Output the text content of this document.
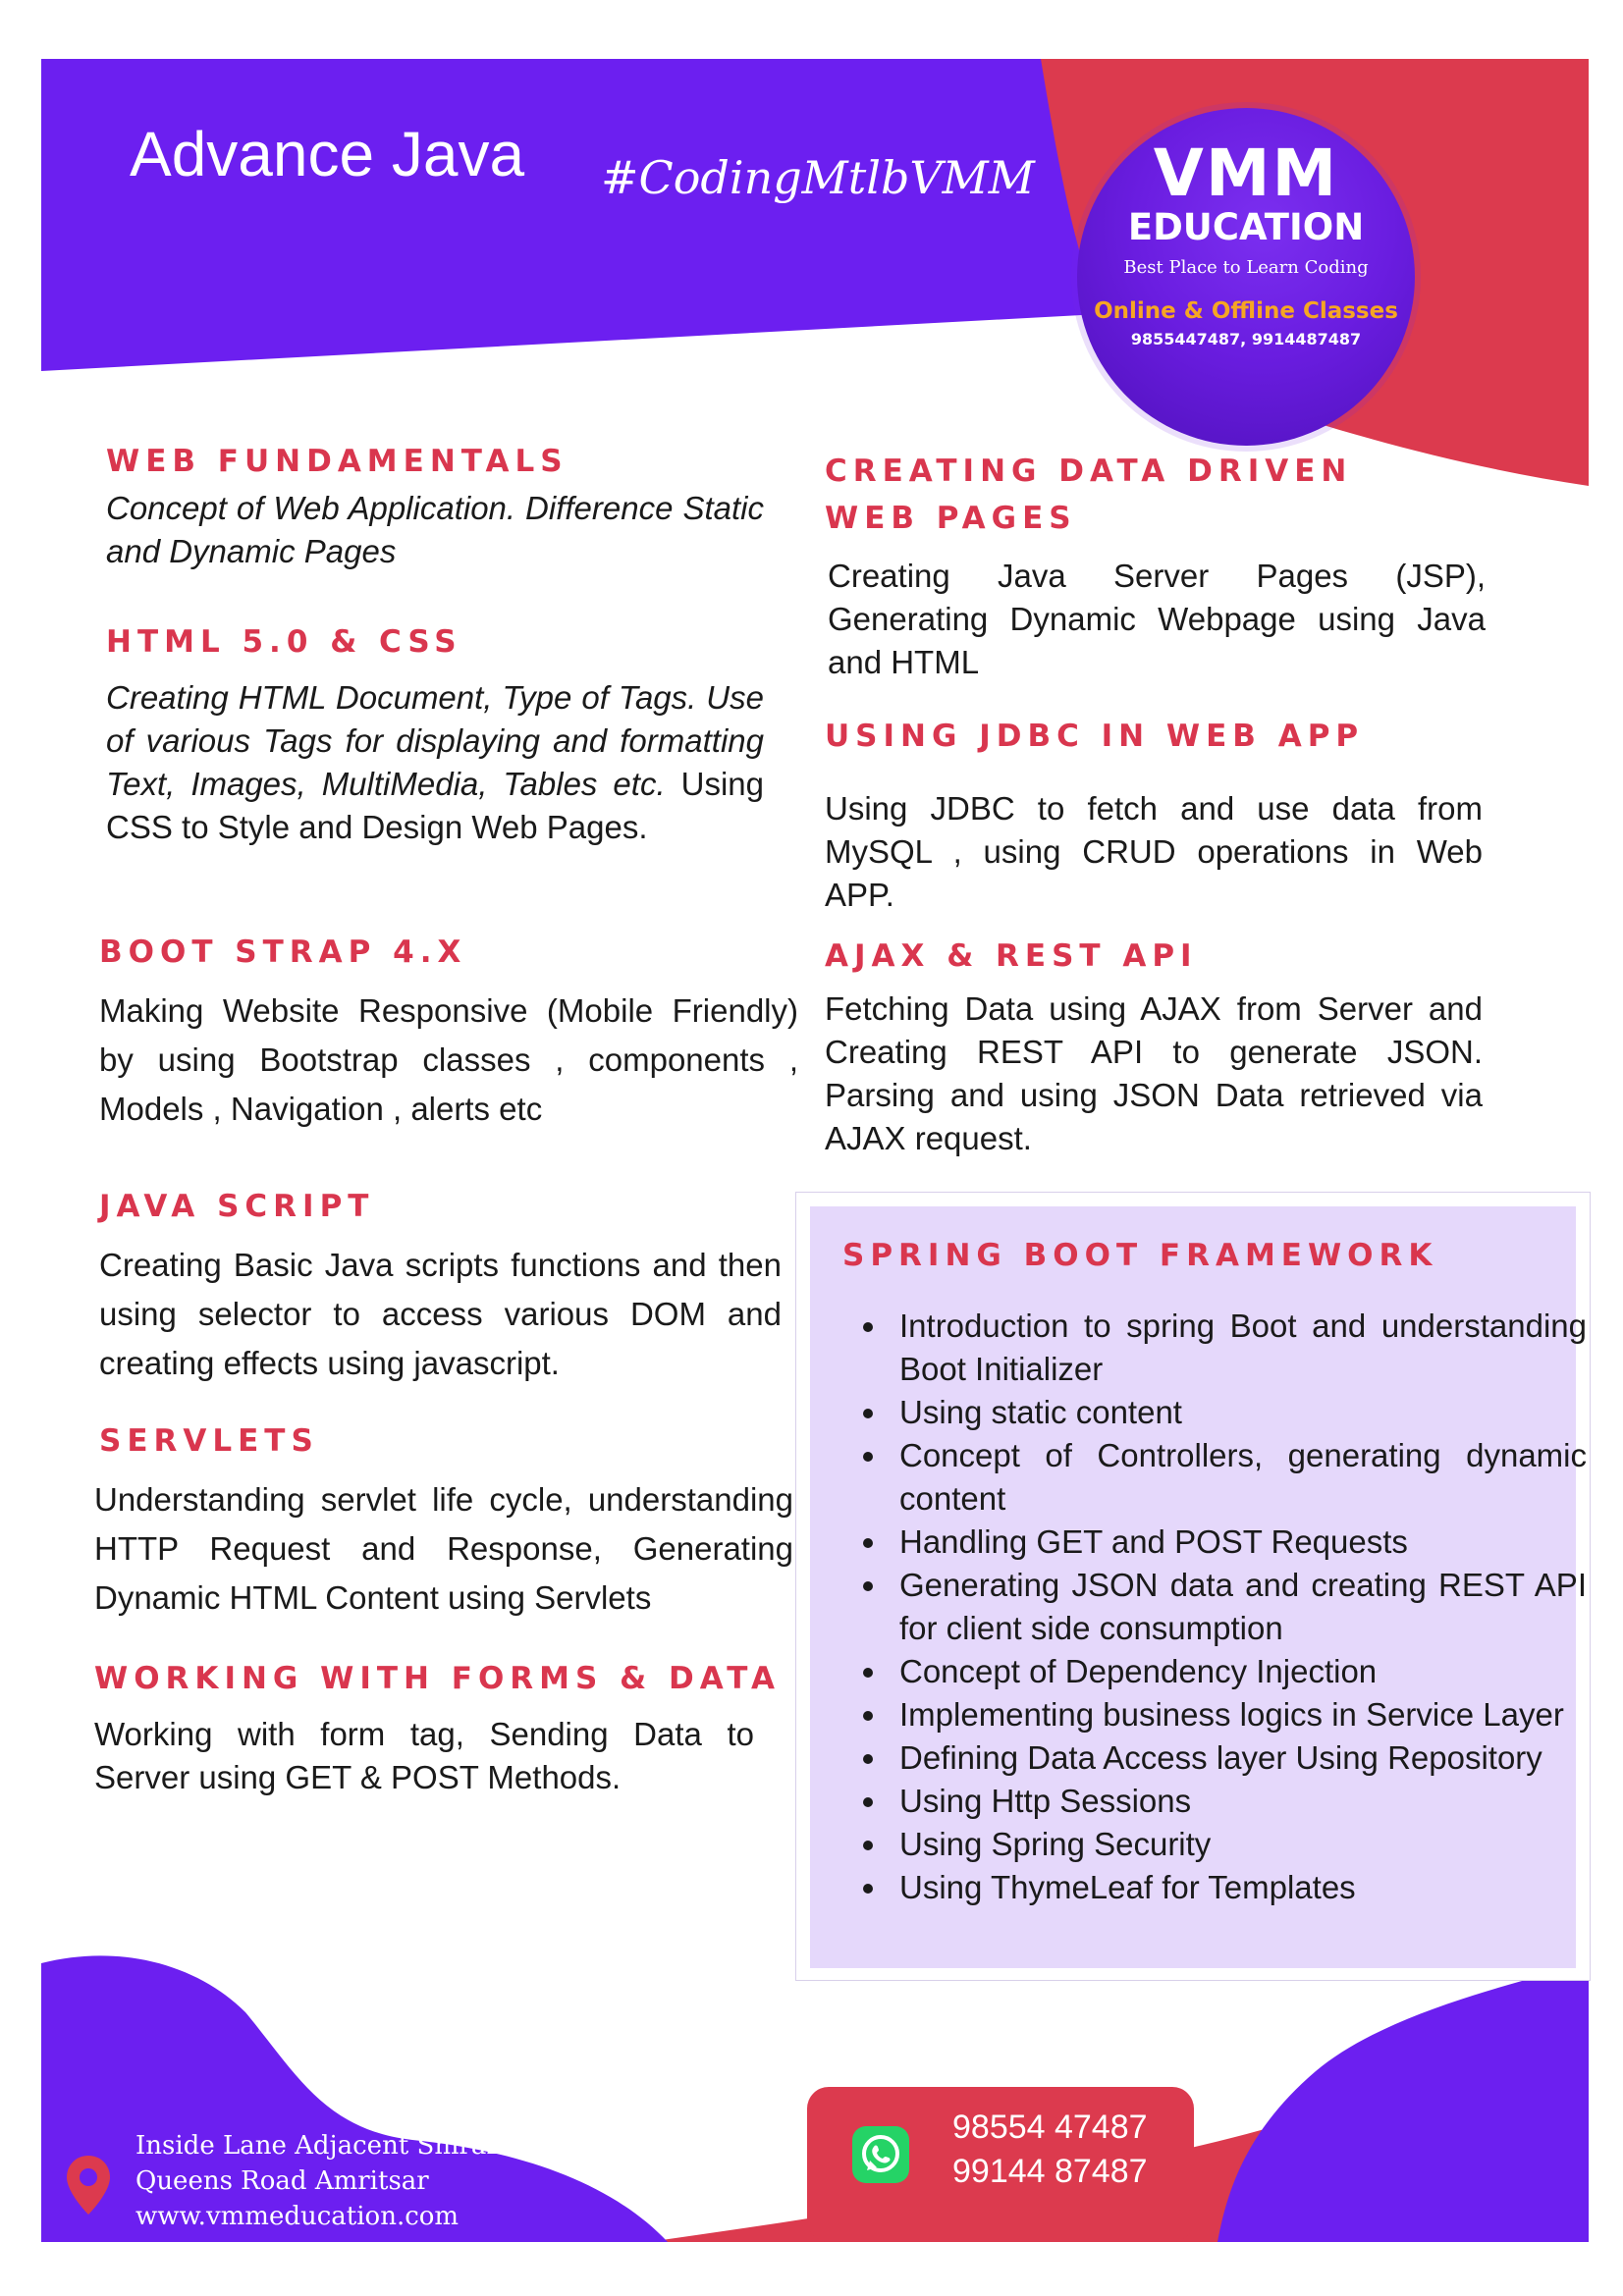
Advance Java #CodingMtlbVMM	VMM
EDUCATION
Best Place to Learn Coding
Online & Offline Classes
9855447487, 9914487487
WEB FUNDAMENTALS
Concept of Web Application. Difference Static and Dynamic Pages
HTML 5.0 & CSS
Creating HTML Document, Type of Tags. Use of various Tags for displaying and formatting Text, Images, MultiMedia, Tables etc. Using CSS to Style and Design Web Pages.
BOOT STRAP 4.X
Making Website Responsive (Mobile Friendly) by using Bootstrap classes , components , Models , Navigation , alerts etc
JAVA SCRIPT
Creating Basic Java scripts functions and then using selector to access various DOM and creating effects using javascript.
SERVLETS
Understanding servlet life cycle, understanding HTTP Request and Response, Generating Dynamic HTML Content using Servlets
WORKING WITH FORMS & DATA
Working with form tag, Sending Data to Server using GET & POST Methods.
CREATING DATA DRIVEN WEB PAGES
Creating Java Server Pages (JSP), Generating Dynamic Webpage using Java and HTML
USING JDBC IN WEB APP
Using JDBC to fetch and use data from MySQL , using CRUD operations in Web APP.
AJAX & REST API
Fetching Data using AJAX from Server and Creating REST API to generate JSON. Parsing and using JSON Data retrieved via AJAX request.
SPRING BOOT FRAMEWORK
• Introduction to spring Boot and understanding Boot Initializer
• Using static content
• Concept of Controllers, generating dynamic content
• Handling GET and POST Requests
• Generating JSON data and creating REST API for client side consumption
• Concept of Dependency Injection
• Implementing business logics in Service Layer
• Defining Data Access layer Using Repository
• Using Http Sessions
• Using Spring Security
• Using ThymeLeaf for Templates
Inside Lane Adjacent Shiraz Hotel
Queens Road Amritsar
www.vmmeducation.com
98554 47487
99144 87487
